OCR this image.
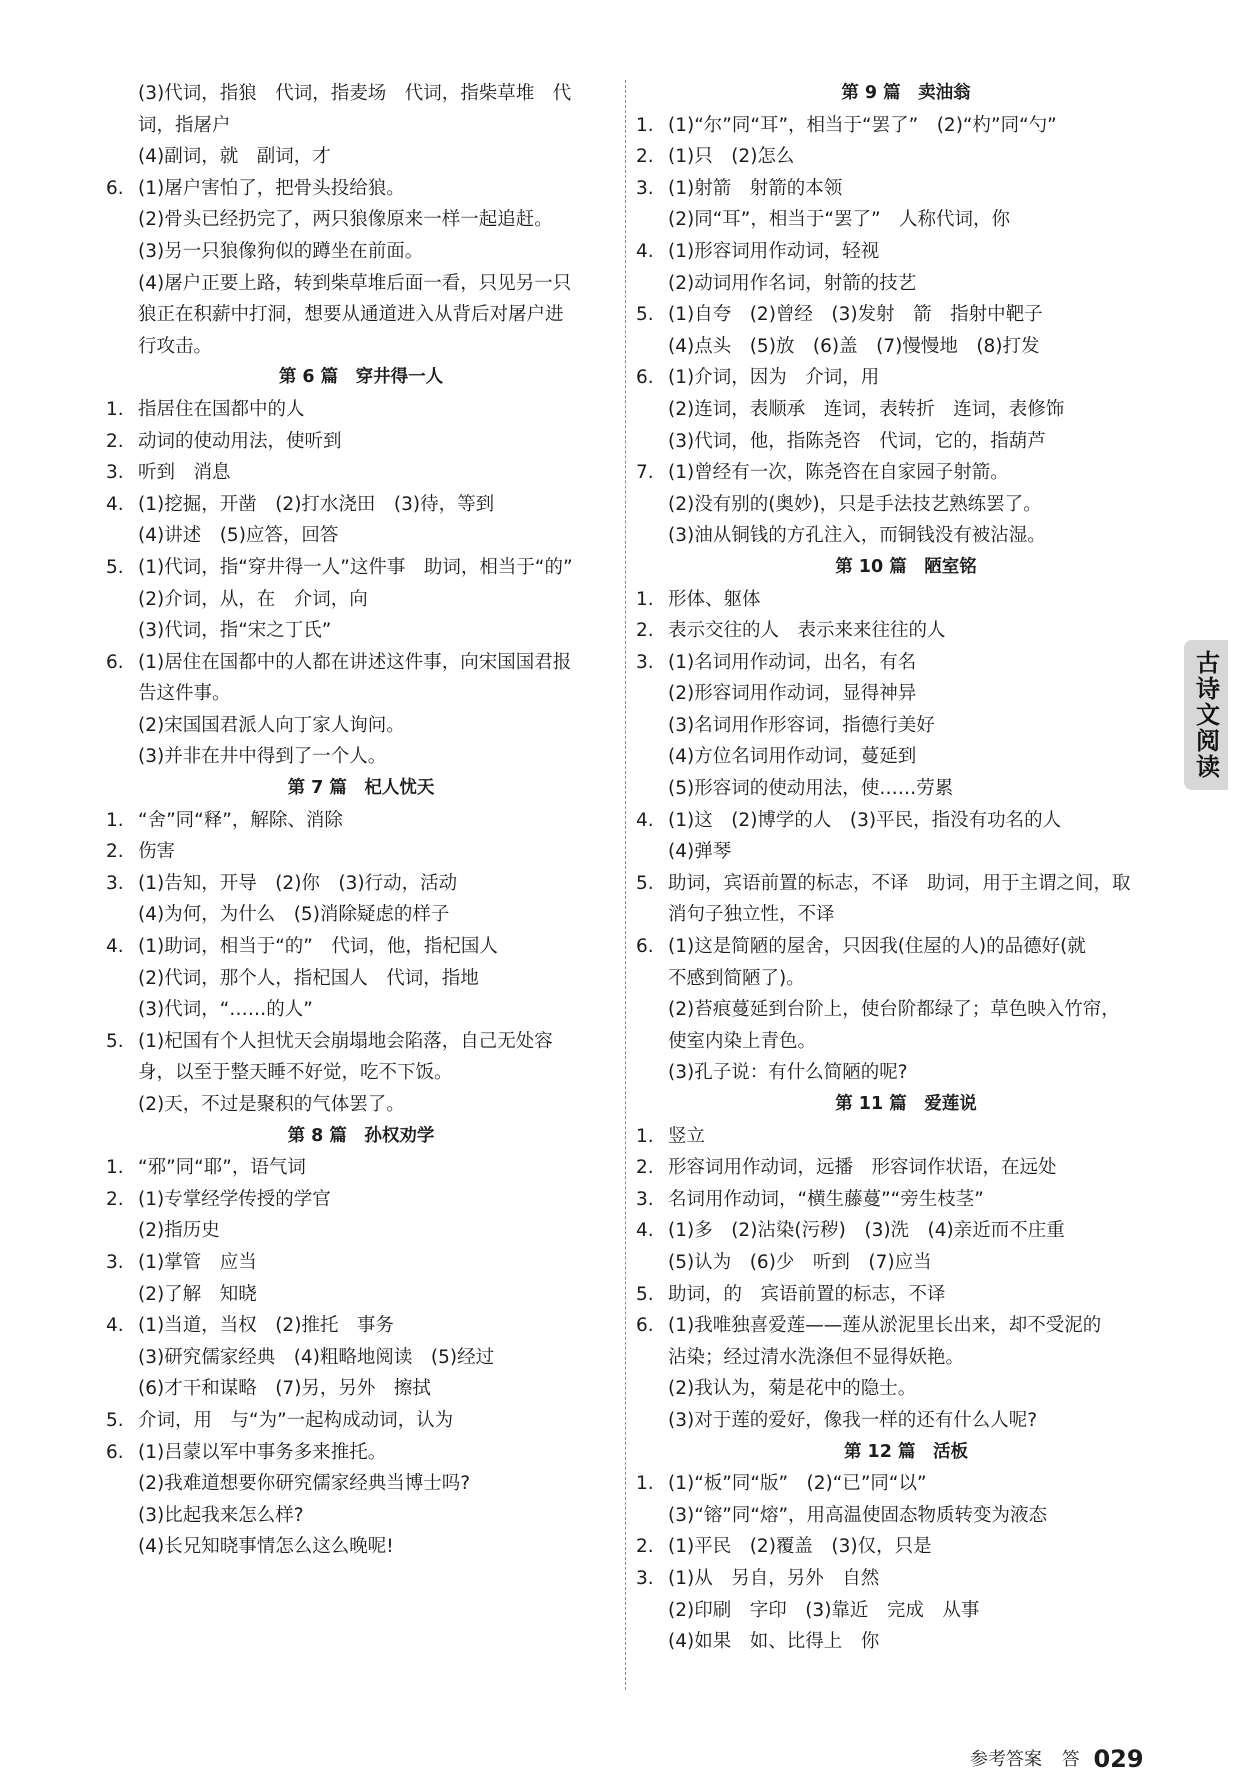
(3)代词，指狼　代词，指麦场　代词，指柴草堆　代
词，指屠户
(4)副词，就　副词，才
6. (1)屠户害怕了，把骨头投给狼。
(2)骨头已经扔完了，两只狼像原来一样一起追赶。
(3)另一只狼像狗似的蹲坐在前面。
(4)屠户正要上路，转到柴草堆后面一看，只见另一只
狼正在积薪中打洞，想要从通道进入从背后对屠户进
行攻击。
第 6 篇　穿井得一人
1. 指居住在国都中的人
2. 动词的使动用法，使听到
3. 听到　消息
4. (1)挖掘，开凿　(2)打水浇田　(3)待，等到
(4)讲述　(5)应答，回答
5. (1)代词，指“穿井得一人”这件事　助词，相当于“的”
(2)介词，从，在　介词，向
(3)代词，指“宋之丁氏”
6. (1)居住在国都中的人都在讲述这件事，向宋国国君报
告这件事。
(2)宋国国君派人向丁家人询问。
(3)并非在井中得到了一个人。
第 7 篇　杞人忧天
1. “舍”同“释”，解除、消除
2. 伤害
3. (1)告知，开导　(2)你　(3)行动，活动
(4)为何，为什么　(5)消除疑虑的样子
4. (1)助词，相当于“的”　代词，他，指杞国人
(2)代词，那个人，指杞国人　代词，指地
(3)代词，“……的人”
5. (1)杞国有个人担忧天会崩塌地会陷落，自己无处容
身，以至于整天睡不好觉，吃不下饭。
(2)天，不过是聚积的气体罢了。
第 8 篇　孙权劝学
1. “邪”同“耶”，语气词
2. (1)专掌经学传授的学官
(2)指历史
3. (1)掌管　应当
(2)了解　知晓
4. (1)当道，当权　(2)推托　事务
(3)研究儒家经典　(4)粗略地阅读　(5)经过
(6)才干和谋略　(7)另，另外　擦拭
5. 介词，用　与“为”一起构成动词，认为
6. (1)吕蒙以军中事务多来推托。
(2)我难道想要你研究儒家经典当博士吗?
(3)比起我来怎么样?
(4)长兄知晓事情怎么这么晚呢!
第 9 篇　卖油翁
1. (1)“尔”同“耳”，相当于“罢了”　(2)“杓”同“勺”
2. (1)只　(2)怎么
3. (1)射箭　射箭的本领
(2)同“耳”，相当于“罢了”　人称代词，你
4. (1)形容词用作动词，轻视
(2)动词用作名词，射箭的技艺
5. (1)自夸　(2)曾经　(3)发射　箭　指射中靶子
(4)点头　(5)放　(6)盖　(7)慢慢地　(8)打发
6. (1)介词，因为　介词，用
(2)连词，表顺承　连词，表转折　连词，表修饰
(3)代词，他，指陈尧咨　代词，它的，指葫芦
7. (1)曾经有一次，陈尧咨在自家园子射箭。
(2)没有别的(奥妙)，只是手法技艺熟练罢了。
(3)油从铜钱的方孔注入，而铜钱没有被沾湿。
第 10 篇　陋室铭
1. 形体、躯体
2. 表示交往的人　表示来来往往的人
3. (1)名词用作动词，出名，有名
(2)形容词用作动词，显得神异
(3)名词用作形容词，指德行美好
(4)方位名词用作动词，蔓延到
(5)形容词的使动用法，使……劳累
4. (1)这　(2)博学的人　(3)平民，指没有功名的人
(4)弹琴
5. 助词，宾语前置的标志，不译　助词，用于主谓之间，取
消句子独立性，不译
6. (1)这是简陋的屋舍，只因我(住屋的人)的品德好(就
不感到简陋了)。
(2)苔痕蔓延到台阶上，使台阶都绿了；草色映入竹帘，
使室内染上青色。
(3)孔子说：有什么简陋的呢?
第 11 篇　爱莲说
1. 竖立
2. 形容词用作动词，远播　形容词作状语，在远处
3. 名词用作动词，“横生藤蔓”“旁生枝茎”
4. (1)多　(2)沾染(污秽)　(3)洗　(4)亲近而不庄重
(5)认为　(6)少　听到　(7)应当
5. 助词，的　宾语前置的标志，不译
6. (1)我唯独喜爱莲——莲从淤泥里长出来，却不受泥的
沾染；经过清水洗涤但不显得妖艳。
(2)我认为，菊是花中的隐士。
(3)对于莲的爱好，像我一样的还有什么人呢?
第 12 篇　活板
1. (1)“板”同“版”　(2)“已”同“以”
(3)“镕”同“熔”，用高温使固态物质转变为液态
2. (1)平民　(2)覆盖　(3)仅，只是
3. (1)从　另自，另外　自然
(2)印刷　字印　(3)靠近　完成　从事
(4)如果　如、比得上　你
古诗文阅读
参考答案 答 029
